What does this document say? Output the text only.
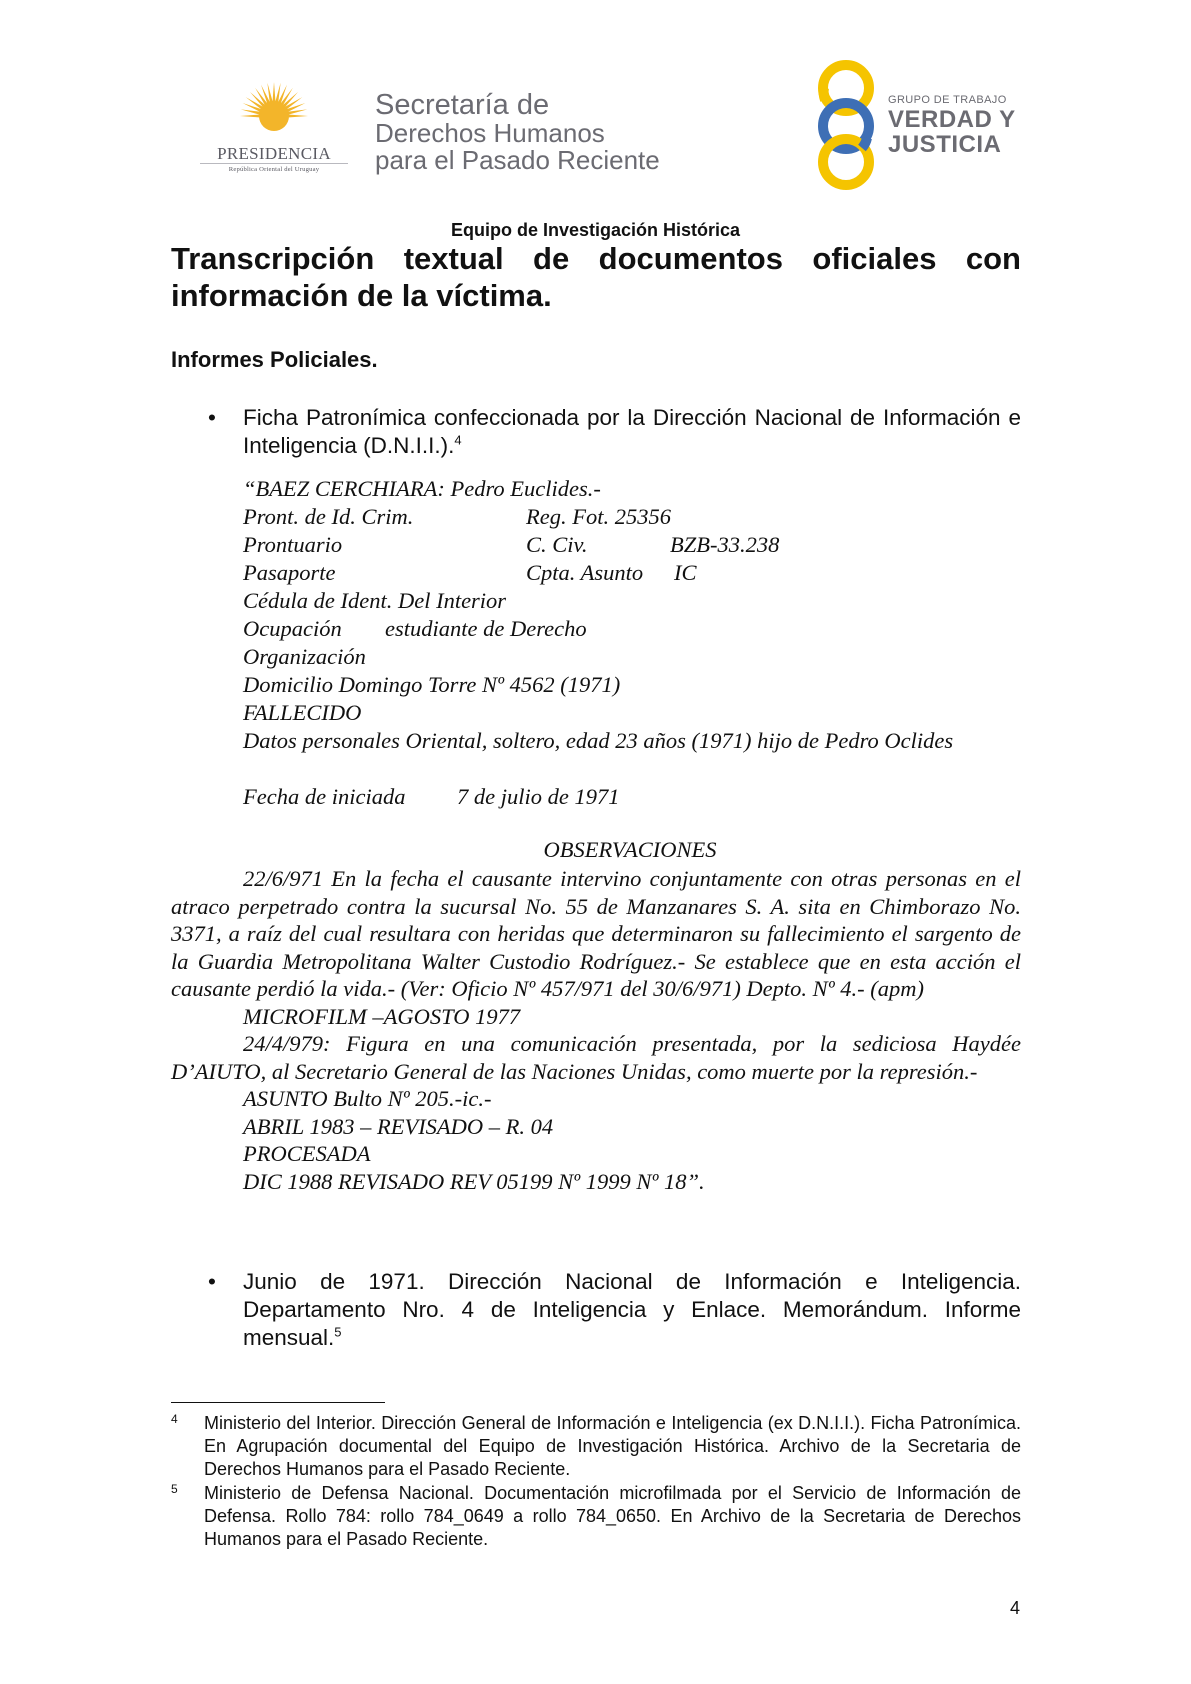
PRESIDENCIA
República Oriental del Uruguay
Secretaría de
Derechos Humanos
para el Pasado Reciente
GRUPO DE TRABAJO
VERDAD Y
JUSTICIA
Equipo de Investigación Histórica
Transcripción textual de documentos oficiales con información de la víctima.
Informes Policiales.
• Ficha Patronímica confeccionada por la Dirección Nacional de Información e Inteligencia (D.N.I.I.).$^4$
“BAEZ CERCHIARA: Pedro Euclides.-
Pront. de Id. Crim.	Reg. Fot. 25356
Prontuario	C. Civ.	BZB-33.238
Pasaporte	Cpta. Asunto IC
Cédula de Ident. Del Interior
Ocupación estudiante de Derecho
Organización
Domicilio Domingo Torre Nº 4562 (1971)
FALLECIDO
Datos personales Oriental, soltero, edad 23 años (1971) hijo de Pedro Oclides
Fecha de iniciada 7 de julio de 1971
OBSERVACIONES

22/6/971 En la fecha el causante intervino conjuntamente con otras personas en el atraco perpetrado contra la sucursal No. 55 de Manzanares S. A. sita en Chimborazo No. 3371, a raíz del cual resultara con heridas que determinaron su fallecimiento el sargento de la Guardia Metropolitana Walter Custodio Rodríguez.- Se establece que en esta acción el causante perdió la vida.- (Ver: Oficio Nº 457/971 del 30/6/971) Depto. Nº 4.- (apm)

MICROFILM –AGOSTO 1977

24/4/979: Figura en una comunicación presentada, por la sediciosa Haydée D’AIUTO, al Secretario General de las Naciones Unidas, como muerte por la represión.-

ASUNTO Bulto Nº 205.-ic.-

ABRIL 1983 – REVISADO – R. 04

PROCESADA

DIC 1988 REVISADO REV 05199 Nº 1999 Nº 18”.

• Junio de 1971. Dirección Nacional de Información e Inteligencia. Departamento Nro. 4 de Inteligencia y Enlace. Memorándum. Informe mensual.$^5$
4 Ministerio del Interior. Dirección General de Información e Inteligencia (ex D.N.I.I.). Ficha Patronímica. En Agrupación documental del Equipo de Investigación Histórica. Archivo de la Secretaria de Derechos Humanos para el Pasado Reciente.
5 Ministerio de Defensa Nacional. Documentación microfilmada por el Servicio de Información de Defensa. Rollo 784: rollo 784_0649 a rollo 784_0650. En Archivo de la Secretaria de Derechos Humanos para el Pasado Reciente.
4
